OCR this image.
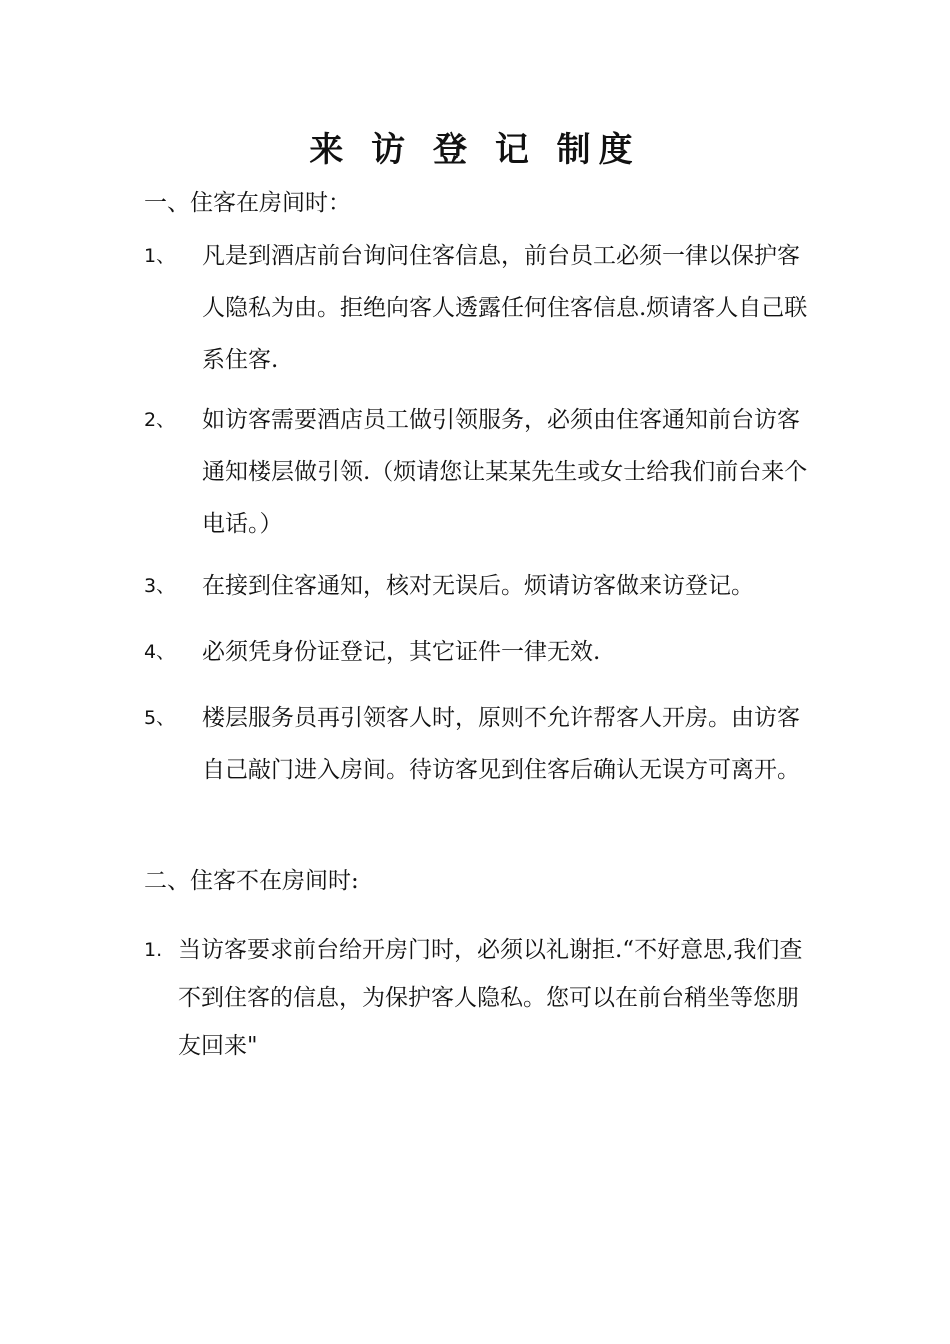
来 访 登 记 制度
一、住客在房间时：
1、 凡是到酒店前台询问住客信息，前台员工必须一律以保护客人隐私为由。拒绝向客人透露任何住客信息.烦请客人自己联系住客.
2、 如访客需要酒店员工做引领服务，必须由住客通知前台访客通知楼层做引领.（烦请您让某某先生或女士给我们前台来个电话。）
3、 在接到住客通知，核对无误后。烦请访客做来访登记。
4、 必须凭身份证登记，其它证件一律无效.
5、 楼层服务员再引领客人时，原则不允许帮客人开房。由访客自己敲门进入房间。待访客见到住客后确认无误方可离开。
二、住客不在房间时:
1. 当访客要求前台给开房门时，必须以礼谢拒.“不好意思,我们查不到住客的信息，为保护客人隐私。您可以在前台稍坐等您朋友回来"
